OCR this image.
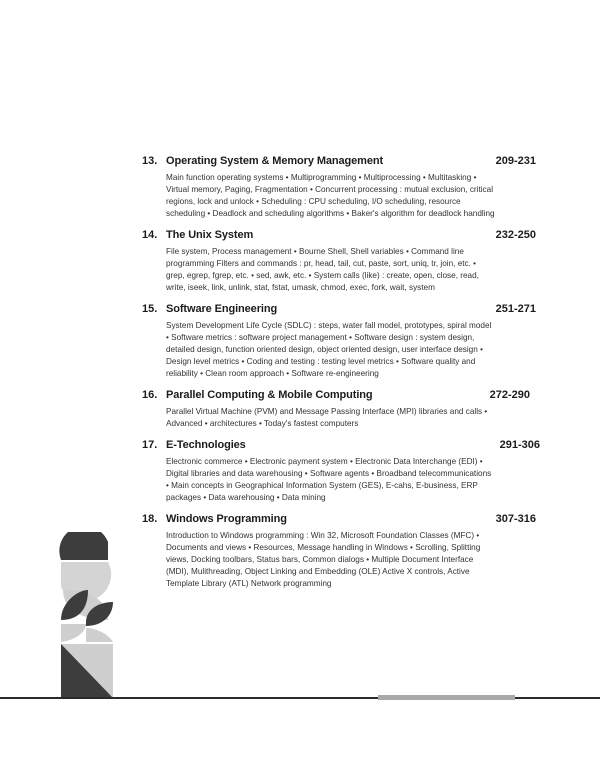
13. Operating System & Memory Management	209-231
Main function operating systems • Multiprogramming • Multiprocessing • Multitasking • Virtual memory, Paging, Fragmentation • Concurrent processing : mutual exclusion, critical regions, lock and unlock • Scheduling : CPU scheduling, I/O scheduling, resource scheduling • Deadlock and scheduling algorithms • Baker's algorithm for deadlock handling
14. The Unix System	232-250
File system, Process management • Bourne Shell, Shell variables • Command line programming Filters and commands : pr, head, tail, cut, paste, sort, uniq, tr, join, etc. • grep, egrep, fgrep, etc. • sed, awk, etc. • System calls (like) : create, open, close, read, write, iseek, link, unlink, stat, fstat, umask, chmod, exec, fork, wait, system
15. Software Engineering	251-271
System Development Life Cycle (SDLC) : steps, water fall model, prototypes, spiral model • Software metrics : software project management • Software design : system design, detailed design, function oriented design, object oriented design, user interface design • Design level metrics • Coding and testing : testing level metrics • Software quality and reliability • Clean room approach • Software re-engineering
16. Parallel Computing & Mobile Computing	272-290
Parallel Virtual Machine (PVM) and Message Passing Interface (MPI) libraries and calls • Advanced • architectures • Today's fastest computers
17. E-Technologies	291-306
Electronic commerce • Electronic payment system • Electronic Data Interchange (EDI) • Digital libraries and data warehousing • Software agents • Broadband telecommunications • Main concepts in Geographical Information System (GES), E-cahs, E-business, ERP packages • Data warehousing • Data mining
18. Windows Programming	307-316
Introduction to Windows programming : Win 32, Microsoft Foundation Classes (MFC) • Documents and views • Resources, Message handling in Windows • Scrolling, Splitting views, Docking toolbars, Status bars, Common dialogs • Multiple Document Interface (MDI), Mulithreading, Object Linking and Embedding (OLE) Active X controls, Active Template Library (ATL) Network programming
